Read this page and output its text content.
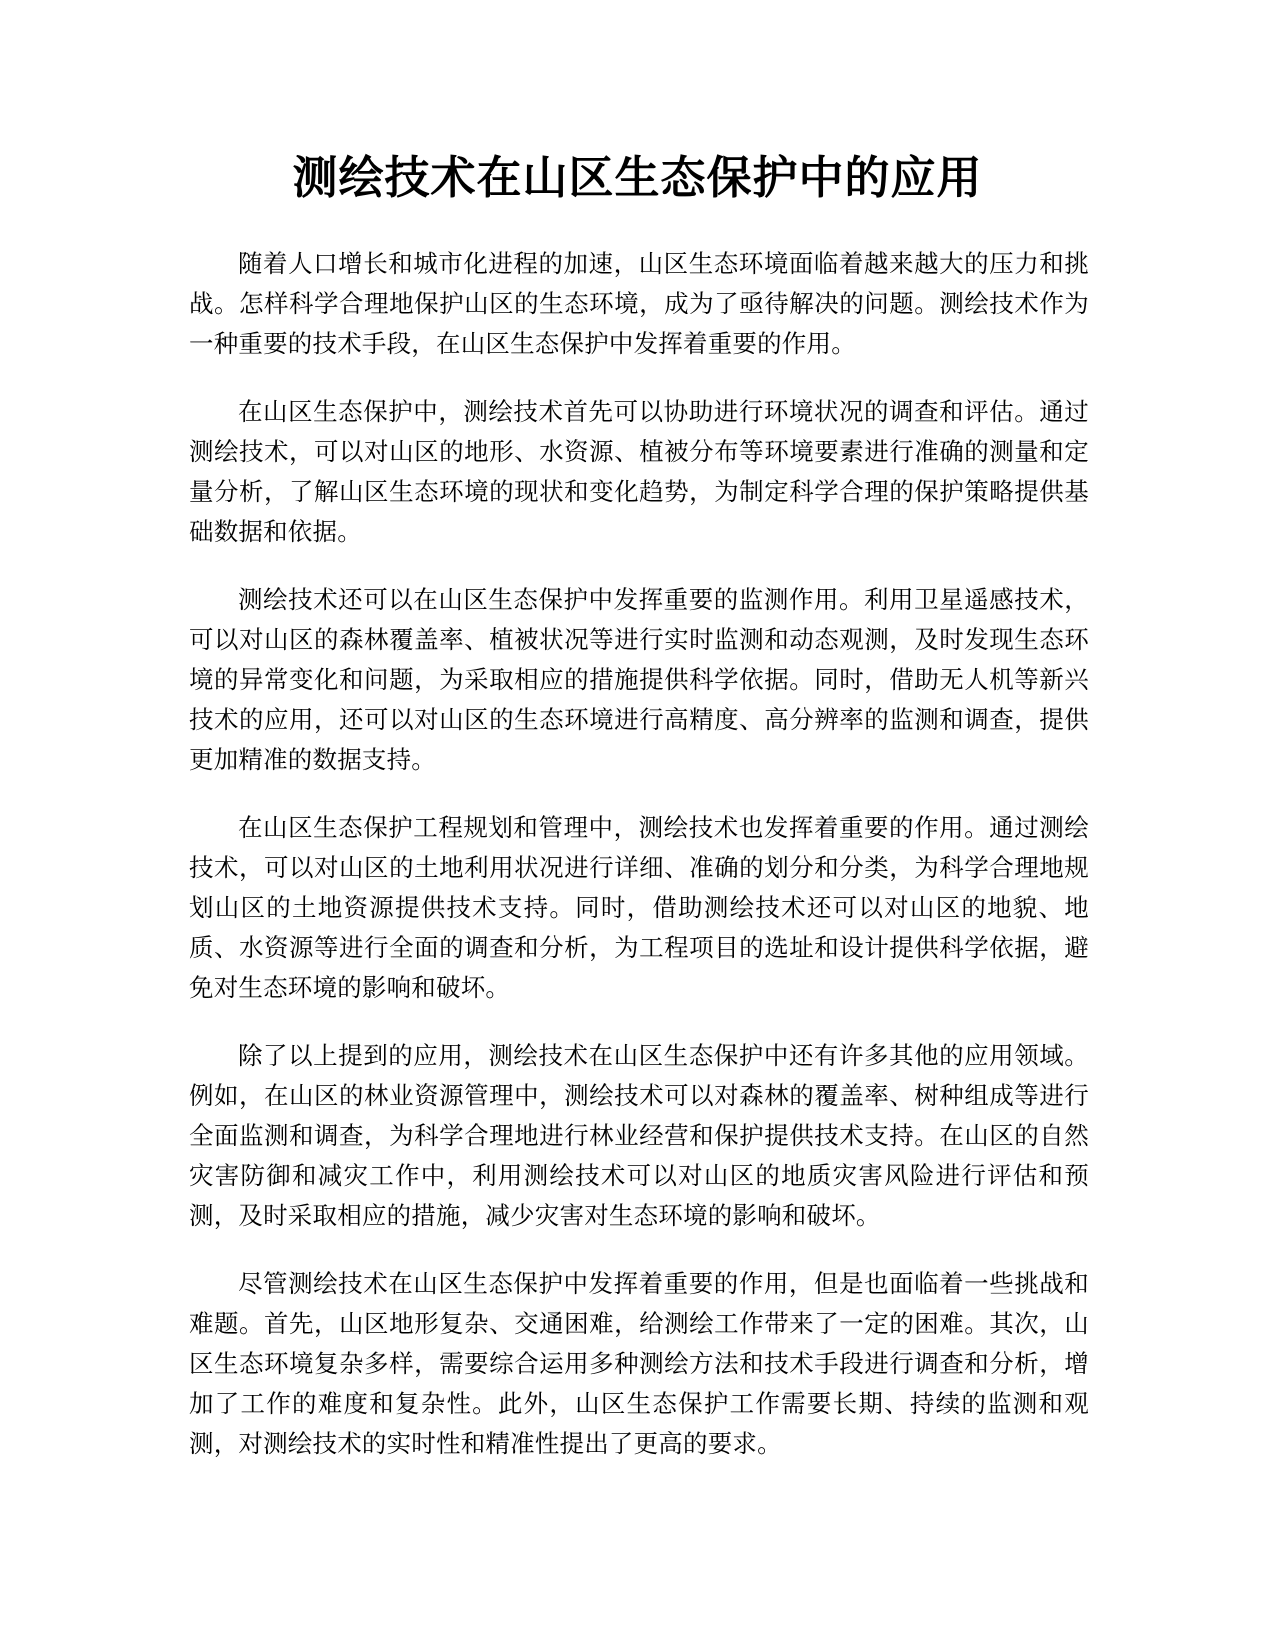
测绘技术在山区生态保护中的应用

随着人口增长和城市化进程的加速，山区生态环境面临着越来越大的压力和挑战。怎样科学合理地保护山区的生态环境，成为了亟待解决的问题。测绘技术作为一种重要的技术手段，在山区生态保护中发挥着重要的作用。

在山区生态保护中，测绘技术首先可以协助进行环境状况的调查和评估。通过测绘技术，可以对山区的地形、水资源、植被分布等环境要素进行准确的测量和定量分析，了解山区生态环境的现状和变化趋势，为制定科学合理的保护策略提供基础数据和依据。

测绘技术还可以在山区生态保护中发挥重要的监测作用。利用卫星遥感技术，可以对山区的森林覆盖率、植被状况等进行实时监测和动态观测，及时发现生态环境的异常变化和问题，为采取相应的措施提供科学依据。同时，借助无人机等新兴技术的应用，还可以对山区的生态环境进行高精度、高分辨率的监测和调查，提供更加精准的数据支持。

在山区生态保护工程规划和管理中，测绘技术也发挥着重要的作用。通过测绘技术，可以对山区的土地利用状况进行详细、准确的划分和分类，为科学合理地规划山区的土地资源提供技术支持。同时，借助测绘技术还可以对山区的地貌、地质、水资源等进行全面的调查和分析，为工程项目的选址和设计提供科学依据，避免对生态环境的影响和破坏。

除了以上提到的应用，测绘技术在山区生态保护中还有许多其他的应用领域。例如，在山区的林业资源管理中，测绘技术可以对森林的覆盖率、树种组成等进行全面监测和调查，为科学合理地进行林业经营和保护提供技术支持。在山区的自然灾害防御和减灾工作中，利用测绘技术可以对山区的地质灾害风险进行评估和预测，及时采取相应的措施，减少灾害对生态环境的影响和破坏。

尽管测绘技术在山区生态保护中发挥着重要的作用，但是也面临着一些挑战和难题。首先，山区地形复杂、交通困难，给测绘工作带来了一定的困难。其次，山区生态环境复杂多样，需要综合运用多种测绘方法和技术手段进行调查和分析，增加了工作的难度和复杂性。此外，山区生态保护工作需要长期、持续的监测和观测，对测绘技术的实时性和精准性提出了更高的要求。
